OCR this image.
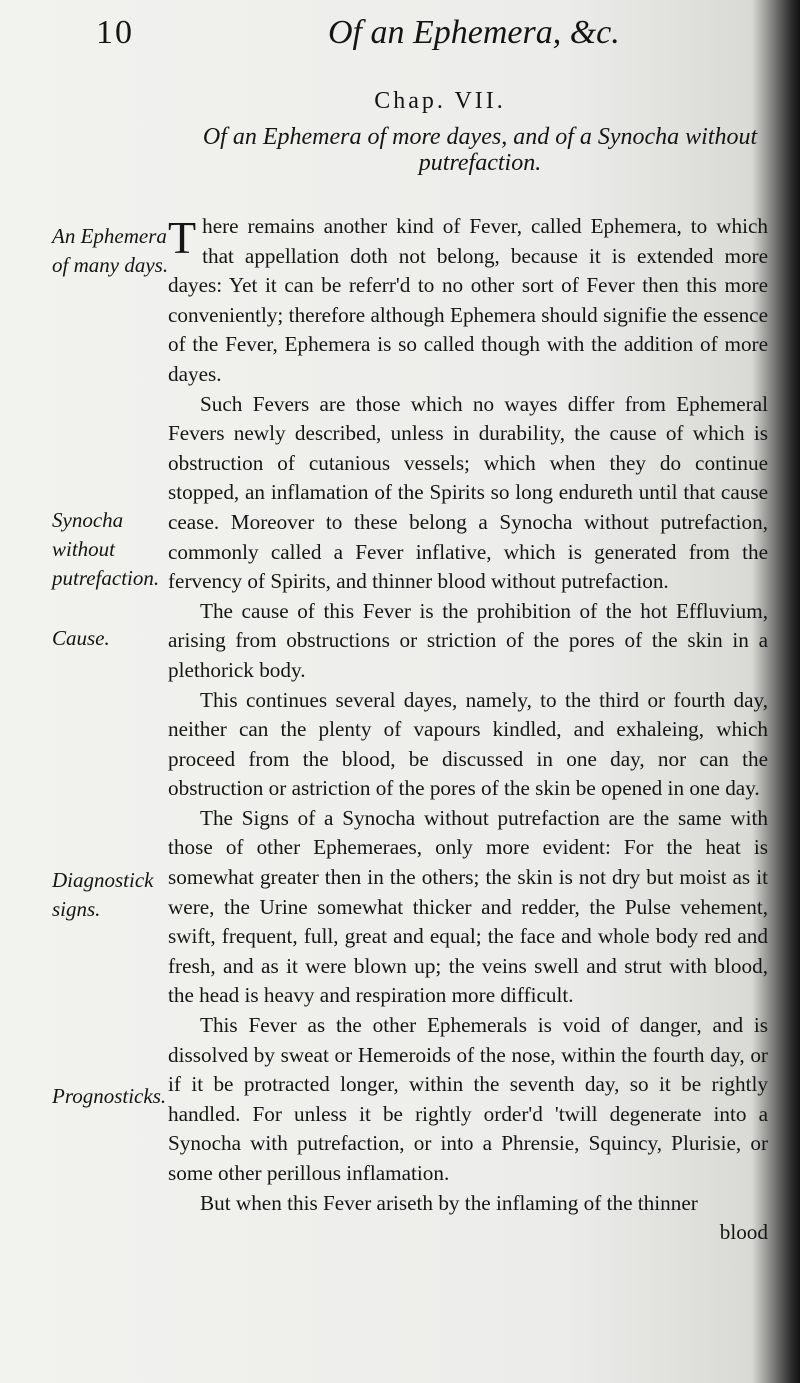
10	Of an Ephemera, &c.
Chap. VII.
Of an Ephemera of more dayes, and of a Synocha without putrefaction.
An Ephemera of many days.
Synocha without putrefaction.
Cause.
Diagnostick signs.
Prognosticks.

There remains another kind of Fever, called Ephemera, to which that appellation doth not belong, because it is extended more dayes: Yet it can be referr'd to no other sort of Fever then this more conveniently; therefore although Ephemera should signifie the essence of the Fever, Ephemera is so called though with the addition of more dayes.

Such Fevers are those which no wayes differ from Ephemeral Fevers newly described, unless in durability, the cause of which is obstruction of cutanious vessels; which when they do continue stopped, an inflamation of the Spirits so long endureth until that cause cease. Moreover to these belong a Synocha without putrefaction, commonly called a Fever inflative, which is generated from the fervency of Spirits, and thinner blood without putrefaction.

The cause of this Fever is the prohibition of the hot Effluvium, arising from obstructions or striction of the pores of the skin in a plethorick body.

This continues several dayes, namely, to the third or fourth day, neither can the plenty of vapours kindled, and exhaleing, which proceed from the blood, be discussed in one day, nor can the obstruction or astriction of the pores of the skin be opened in one day.

The Signs of a Synocha without putrefaction are the same with those of other Ephemeraes, only more evident: For the heat is somewhat greater then in the others; the skin is not dry but moist as it were, the Urine somewhat thicker and redder, the Pulse vehement, swift, frequent, full, great and equal; the face and whole body red and fresh, and as it were blown up; the veins swell and strut with blood, the head is heavy and respiration more difficult.

This Fever as the other Ephemerals is void of danger, and is dissolved by sweat or Hemeroids of the nose, within the fourth day, or if it be protracted longer, within the seventh day, so it be rightly handled. For unless it be rightly order'd 'twill degenerate into a Synocha with putrefaction, or into a Phrensie, Squincy, Plurisie, or some other perillous inflamation.

But when this Fever ariseth by the inflaming of the thinner

blood
